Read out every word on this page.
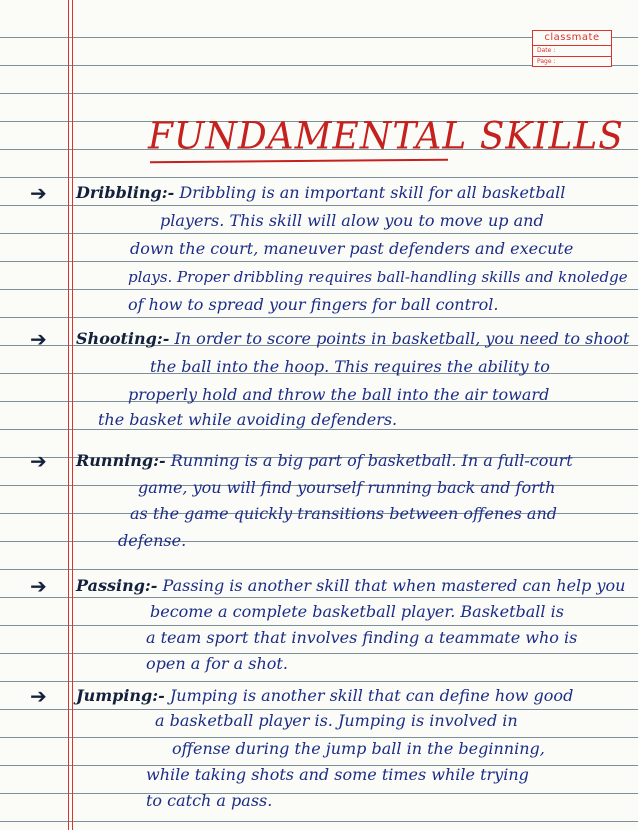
classmate
Date :
Page :
FUNDAMENTAL SKILLS
➔ Dribbling:- Dribbling is an important skill for all basketball
players. This skill will alow you to move up and
down the court, maneuver past defenders and execute
plays. Proper dribbling requires ball-handling skills and knoledge
of how to spread your fingers for ball control.
➔ Shooting:- In order to score points in basketball, you need to shoot
the ball into the hoop. This requires the ability to
properly hold and throw the ball into the air toward
the basket while avoiding defenders.
➔ Running:- Running is a big part of basketball. In a full-court
game, you will find yourself running back and forth
as the game quickly transitions between offenes and
defense.
➔ Passing:- Passing is another skill that when mastered can help you
become a complete basketball player. Basketball is
a team sport that involves finding a teammate who is
open a for a shot.
➔ Jumping:- Jumping is another skill that can define how good
a basketball player is. Jumping is involved in
offense during the jump ball in the beginning,
while taking shots and some times while trying
to catch a pass.
